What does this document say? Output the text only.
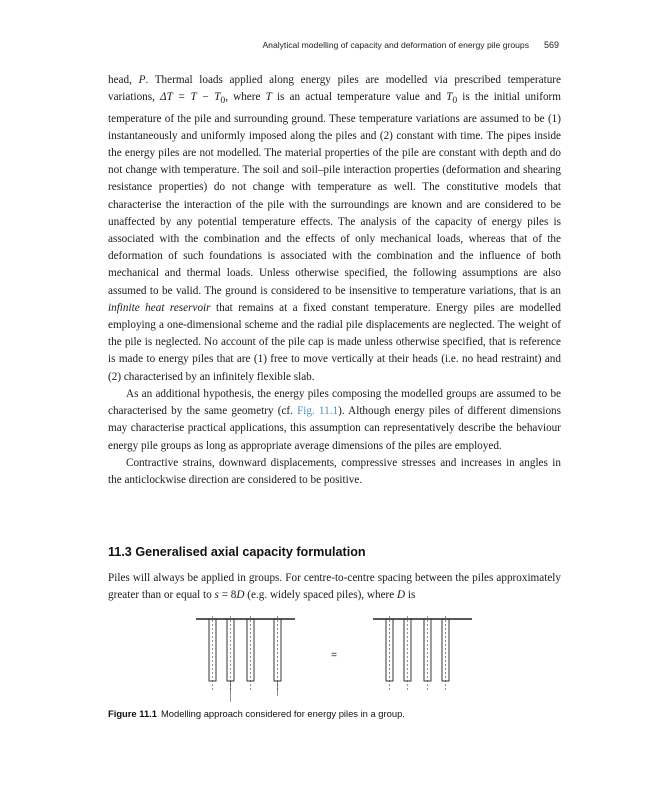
Analytical modelling of capacity and deformation of energy pile groups 569

head, P. Thermal loads applied along energy piles are modelled via prescribed temperature variations, $\Delta T = T - T_0$, where T is an actual temperature value and $T_0$ is the initial uniform temperature of the pile and surrounding ground. These temperature variations are assumed to be (1) instantaneously and uniformly imposed along the piles and (2) constant with time. The pipes inside the energy piles are not modelled. The material properties of the pile are constant with depth and do not change with temperature. The soil and soil–pile interaction properties (deformation and shearing resistance properties) do not change with temperature as well. The constitutive models that characterise the interaction of the pile with the surroundings are known and are considered to be unaffected by any potential temperature effects. The analysis of the capacity of energy piles is associated with the combination and the effects of only mechanical loads, whereas that of the deformation of such foundations is associated with the combination and the influence of both mechanical and thermal loads. Unless otherwise specified, the following assumptions are also assumed to be valid. The ground is considered to be insensitive to temperature variations, that is an infinite heat reservoir that remains at a fixed constant temperature. Energy piles are modelled employing a one-dimensional scheme and the radial pile displacements are neglected. The weight of the pile is neglected. No account of the pile cap is made unless otherwise specified, that is reference is made to energy piles that are (1) free to move vertically at their heads (i.e. no head restraint) and (2) characterised by an infinitely flexible slab.

As an additional hypothesis, the energy piles composing the modelled groups are assumed to be characterised by the same geometry (cf. Fig. 11.1). Although energy piles of different dimensions may characterise practical applications, this assumption can representatively describe the behaviour energy pile groups as long as appropriate average dimensions of the piles are employed.

Contractive strains, downward displacements, compressive stresses and increases in angles in the anticlockwise direction are considered to be positive.

11.3 Generalised axial capacity formulation

Piles will always be applied in groups. For centre-to-centre spacing between the piles approximately greater than or equal to s = 8D (e.g. widely spaced piles), where D is

=
Figure 11.1 Modelling approach considered for energy piles in a group.
